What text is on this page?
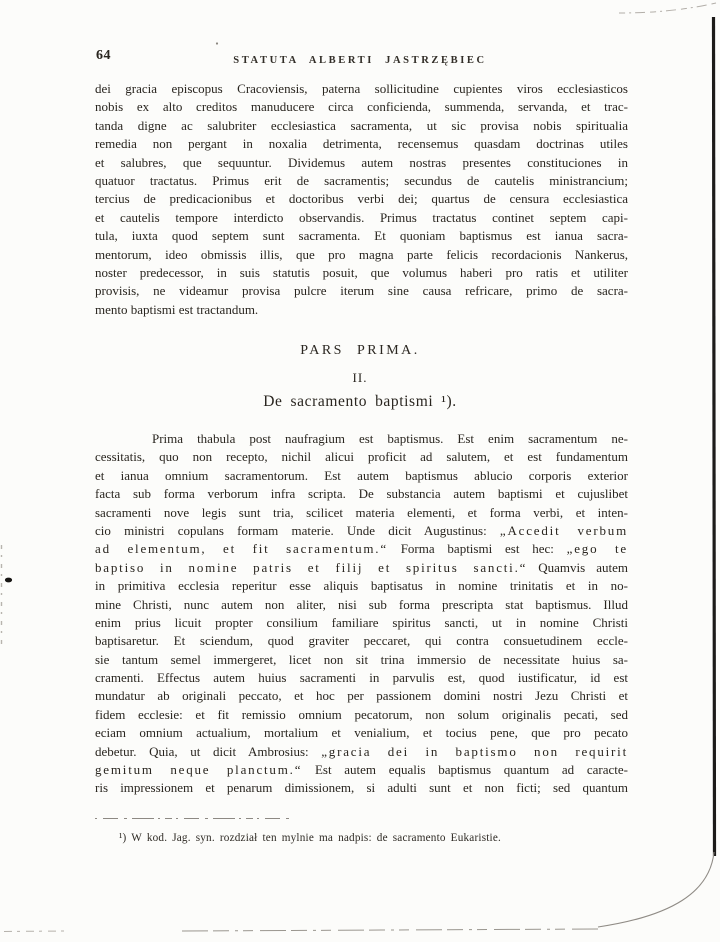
64	STATUTA ALBERTI JASTRZĘBIEC
dei gracia episcopus Cracoviensis, paterna sollicitudine cupientes viros ecclesiasticos
nobis ex alto creditos manuducere circa conficienda, summenda, servanda, et trac-
tanda digne ac salubriter ecclesiastica sacramenta, ut sic provisa nobis spiritualia
remedia non pergant in noxalia detrimenta, recensemus quasdam doctrinas utiles
et salubres, que sequuntur. Dividemus autem nostras presentes constituciones in
quatuor tractatus. Primus erit de sacramentis; secundus de cautelis ministrancium;
tercius de predicacionibus et doctoribus verbi dei; quartus de censura ecclesiastica
et cautelis tempore interdicto observandis. Primus tractatus continet septem capi-
tula, iuxta quod septem sunt sacramenta. Et quoniam baptismus est ianua sacra-
mentorum, ideo obmissis illis, que pro magna parte felicis recordacionis Nankerus,
noster predecessor, in suis statutis posuit, que volumus haberi pro ratis et utiliter
provisis, ne videamur provisa pulcre iterum sine causa refricare, primo de sacra-
mento baptismi est tractandum.
PARS PRIMA.
II.
De sacramento baptismi ¹).
Prima thabula post naufragium est baptismus. Est enim sacramentum ne-
cessitatis, quo non recepto, nichil alicui proficit ad salutem, et est fundamentum
et ianua omnium sacramentorum. Est autem baptismus ablucio corporis exterior
facta sub forma verborum infra scripta. De substancia autem baptismi et cujuslibet
sacramenti nove legis sunt tria, scilicet materia elementi, et forma verbi, et inten-
cio ministri copulans formam materie. Unde dicit Augustinus: „Accedit verbum
ad elementum, et fit sacramentum.“ Forma baptismi est hec: „ego te
baptiso in nomine patris et filij et spiritus sancti.“ Quamvis autem
in primitiva ecclesia reperitur esse aliquis baptisatus in nomine trinitatis et in no-
mine Christi, nunc autem non aliter, nisi sub forma prescripta stat baptismus. Illud
enim prius licuit propter consilium familiare spiritus sancti, ut in nomine Christi
baptisaretur. Et sciendum, quod graviter peccaret, qui contra consuetudinem eccle-
sie tantum semel immergeret, licet non sit trina immersio de necessitate huius sa-
cramenti. Effectus autem huius sacramenti in parvulis est, quod iustificatur, id est
mundatur ab originali peccato, et hoc per passionem domini nostri Jezu Christi et
fidem ecclesie: et fit remissio omnium pecatorum, non solum originalis pecati, sed
eciam omnium actualium, mortalium et venialium, et tocius pene, que pro pecato
debetur. Quia, ut dicit Ambrosius: „gracia dei in baptismo non requirit
gemitum neque planctum.“ Est autem equalis baptismus quantum ad caracte-
ris impressionem et penarum dimissionem, si adulti sunt et non ficti; sed quantum
¹) W kod. Jag. syn. rozdział ten mylnie ma nadpis: de sacramento Eukaristie.
